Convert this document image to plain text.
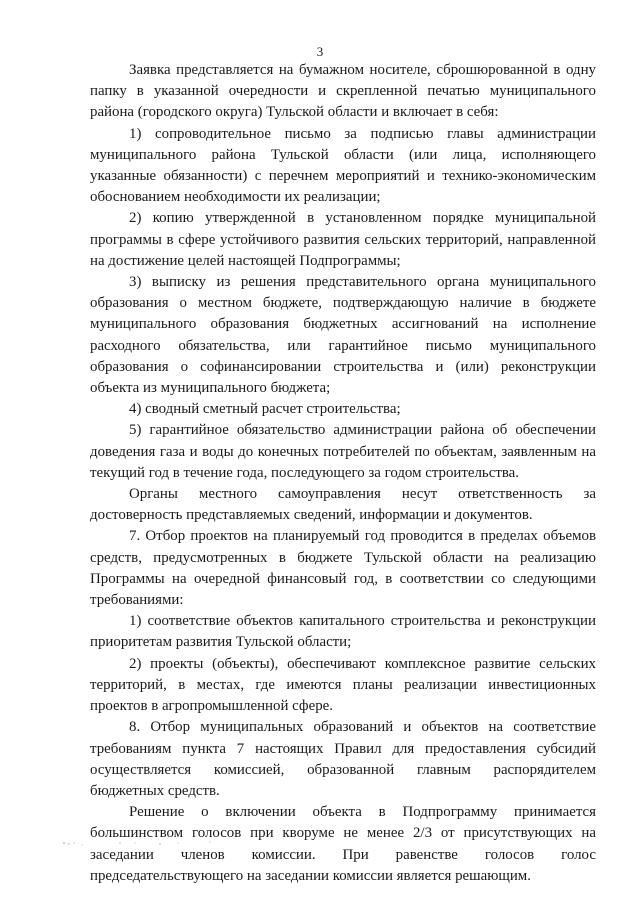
3

Заявка представляется на бумажном носителе, сброшюрованной в одну папку в указанной очередности и скрепленной печатью муниципального района (городского округа) Тульской области и включает в себя:

1) сопроводительное письмо за подписью главы администрации муниципального района Тульской области (или лица, исполняющего указанные обязанности) с перечнем мероприятий и технико-экономическим обоснованием необходимости их реализации;

2) копию утвержденной в установленном порядке муниципальной программы в сфере устойчивого развития сельских территорий, направленной на достижение целей настоящей Подпрограммы;

3) выписку из решения представительного органа муниципального образования о местном бюджете, подтверждающую наличие в бюджете муниципального образования бюджетных ассигнований на исполнение расходного обязательства, или гарантийное письмо муниципального образования о софинансировании строительства и (или) реконструкции объекта из муниципального бюджета;

4) сводный сметный расчет строительства;

5) гарантийное обязательство администрации района об обеспечении доведения газа и воды до конечных потребителей по объектам, заявленным на текущий год в течение года, последующего за годом строительства.

Органы местного самоуправления несут ответственность за достоверность представляемых сведений, информации и документов.

7. Отбор проектов на планируемый год проводится в пределах объемов средств, предусмотренных в бюджете Тульской области на реализацию Программы на очередной финансовый год, в соответствии со следующими требованиями:

1) соответствие объектов капитального строительства и реконструкции приоритетам развития Тульской области;

2) проекты (объекты), обеспечивают комплексное развитие сельских территорий, в местах, где имеются планы реализации инвестиционных проектов в агропромышленной сфере.

8. Отбор муниципальных образований и объектов на соответствие требованиям пункта 7 настоящих Правил для предоставления субсидий осуществляется комиссией, образованной главным распорядителем бюджетных средств.

Решение о включении объекта в Подпрограмму принимается большинством голосов при кворуме не менее 2/3 от присутствующих на заседании членов комиссии. При равенстве голосов голос председательствующего на заседании комиссии является решающим.
